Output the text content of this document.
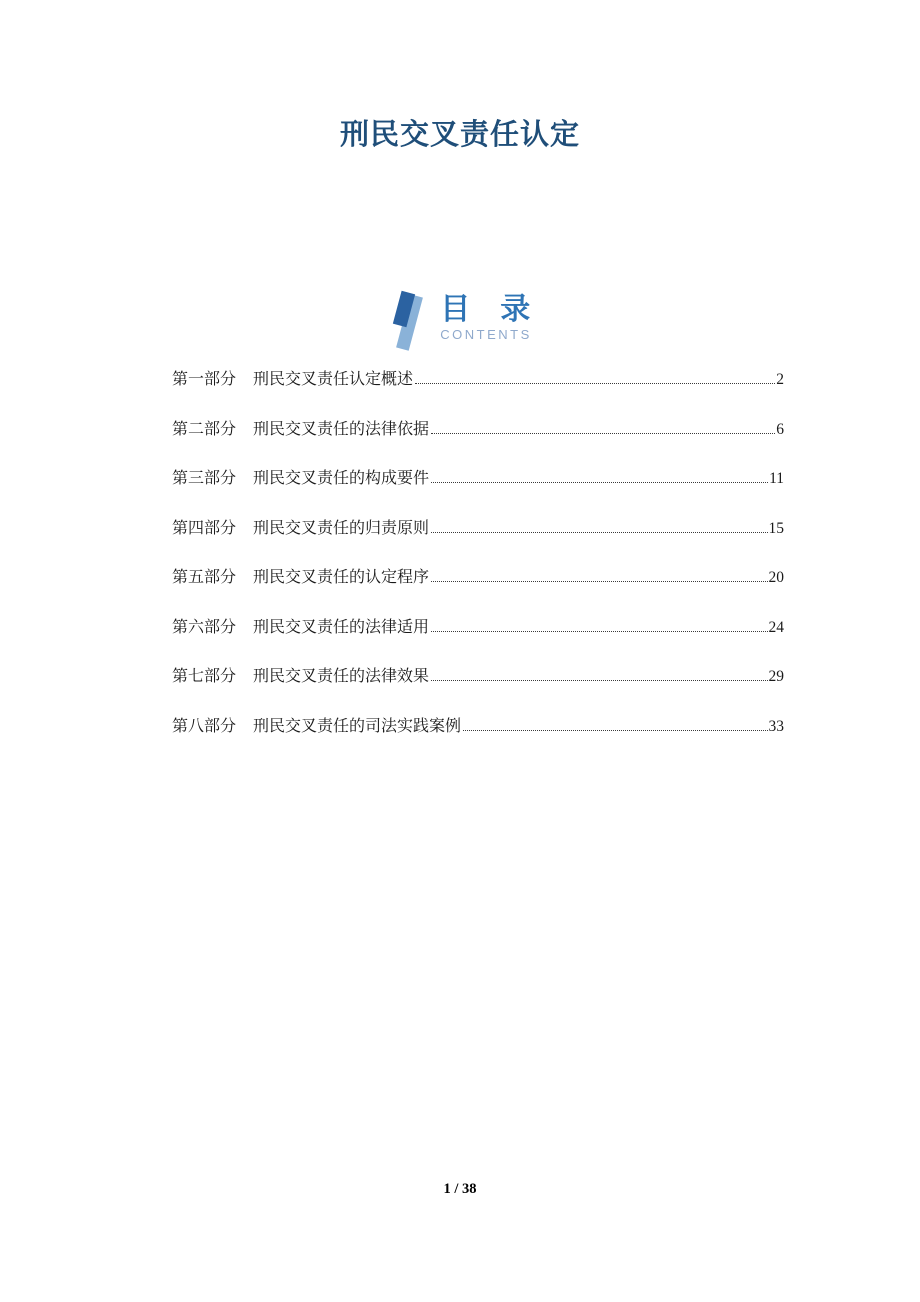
刑民交叉责任认定
目　录
CONTENTS
第一部分	刑民交叉责任认定概述	2
第二部分	刑民交叉责任的法律依据	6
第三部分	刑民交叉责任的构成要件	11
第四部分	刑民交叉责任的归责原则	15
第五部分	刑民交叉责任的认定程序	20
第六部分	刑民交叉责任的法律适用	24
第七部分	刑民交叉责任的法律效果	29
第八部分	刑民交叉责任的司法实践案例	33
1 / 38
